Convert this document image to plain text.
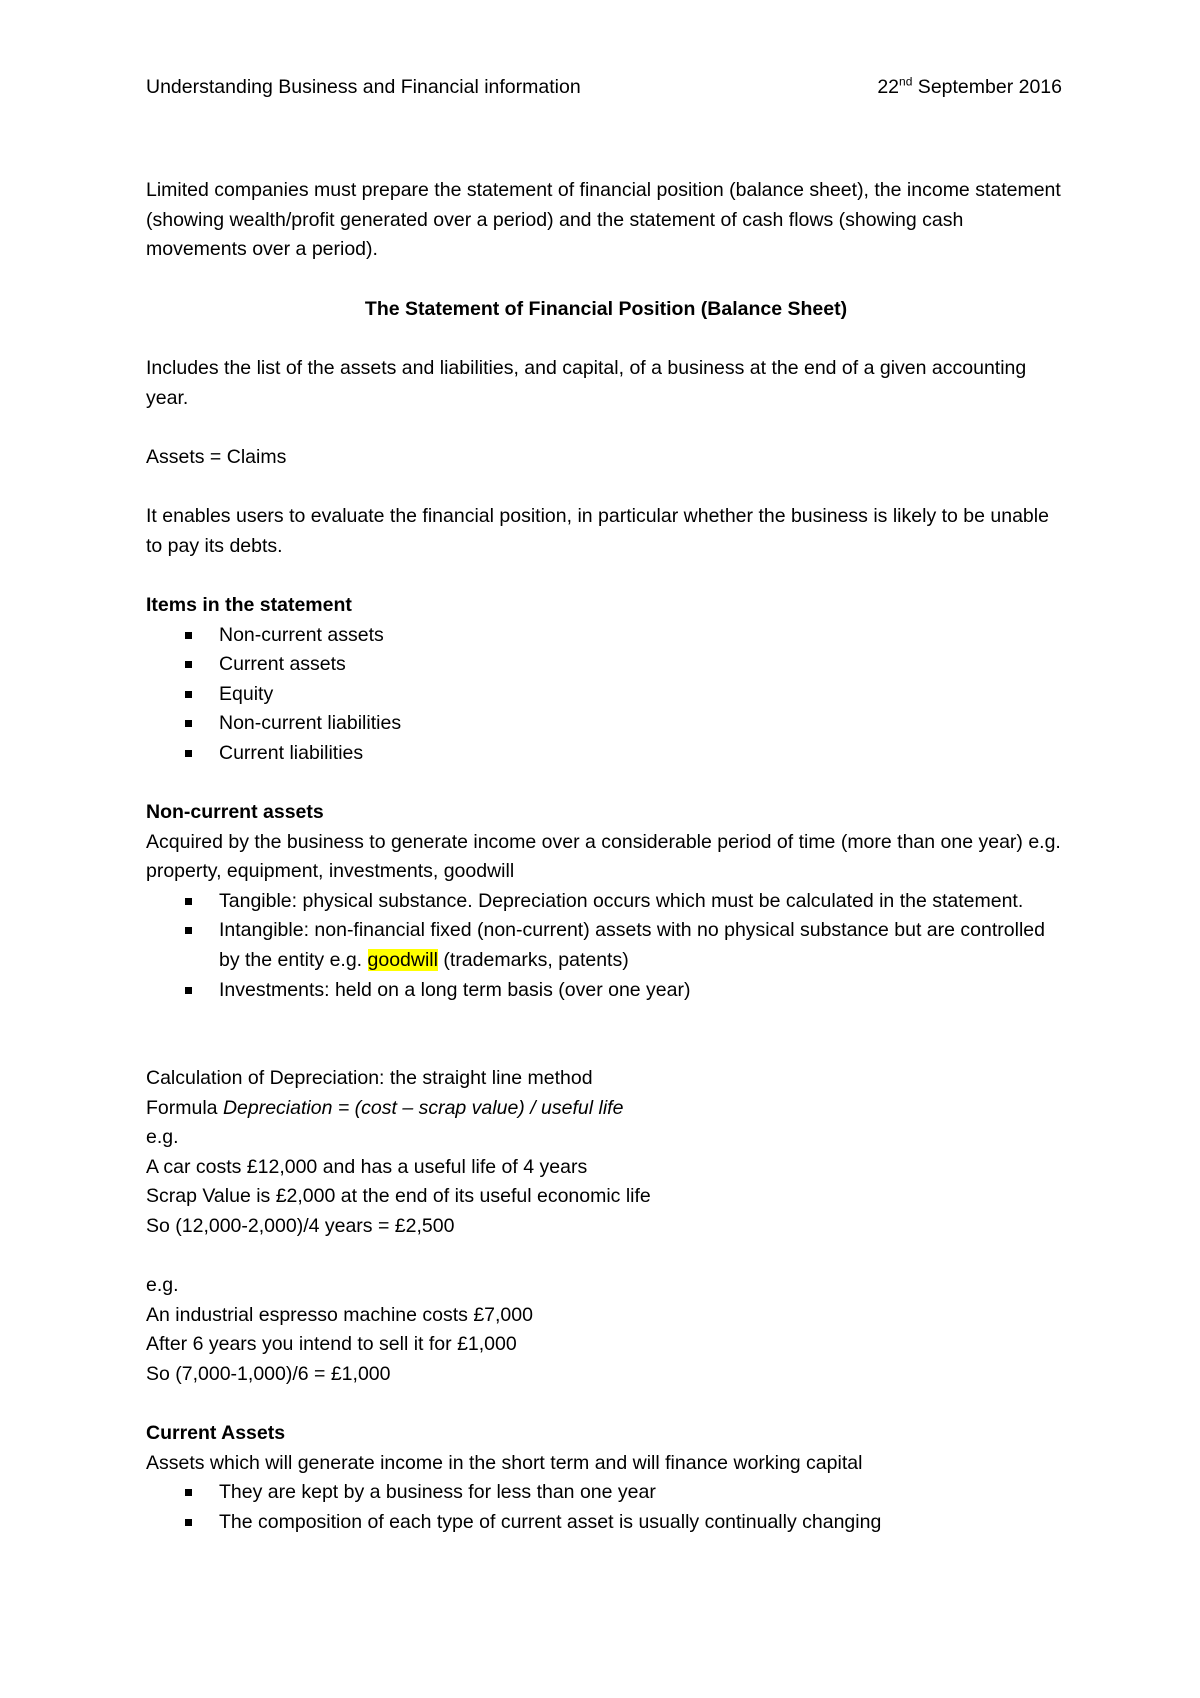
Understanding Business and Financial information	22nd September 2016

Limited companies must prepare the statement of financial position (balance sheet), the income statement (showing wealth/profit generated over a period) and the statement of cash flows (showing cash movements over a period).

The Statement of Financial Position (Balance Sheet)

Includes the list of the assets and liabilities, and capital, of a business at the end of a given accounting year.

Assets = Claims

It enables users to evaluate the financial position, in particular whether the business is likely to be unable to pay its debts.

Items in the statement

Non-current assets
Current assets
Equity
Non-current liabilities
Current liabilities

Non-current assets

Acquired by the business to generate income over a considerable period of time (more than one year) e.g. property, equipment, investments, goodwill

Tangible: physical substance. Depreciation occurs which must be calculated in the statement.
Intangible: non-financial fixed (non-current) assets with no physical substance but are controlled by the entity e.g. goodwill (trademarks, patents)
Investments: held on a long term basis (over one year)

Calculation of Depreciation: the straight line method

Formula Depreciation = (cost – scrap value) / useful life

e.g.

A car costs £12,000 and has a useful life of 4 years

Scrap Value is £2,000 at the end of its useful economic life

So (12,000-2,000)/4 years = £2,500

e.g.

An industrial espresso machine costs £7,000

After 6 years you intend to sell it for £1,000

So (7,000-1,000)/6 = £1,000

Current Assets

Assets which will generate income in the short term and will finance working capital

They are kept by a business for less than one year
The composition of each type of current asset is usually continually changing
